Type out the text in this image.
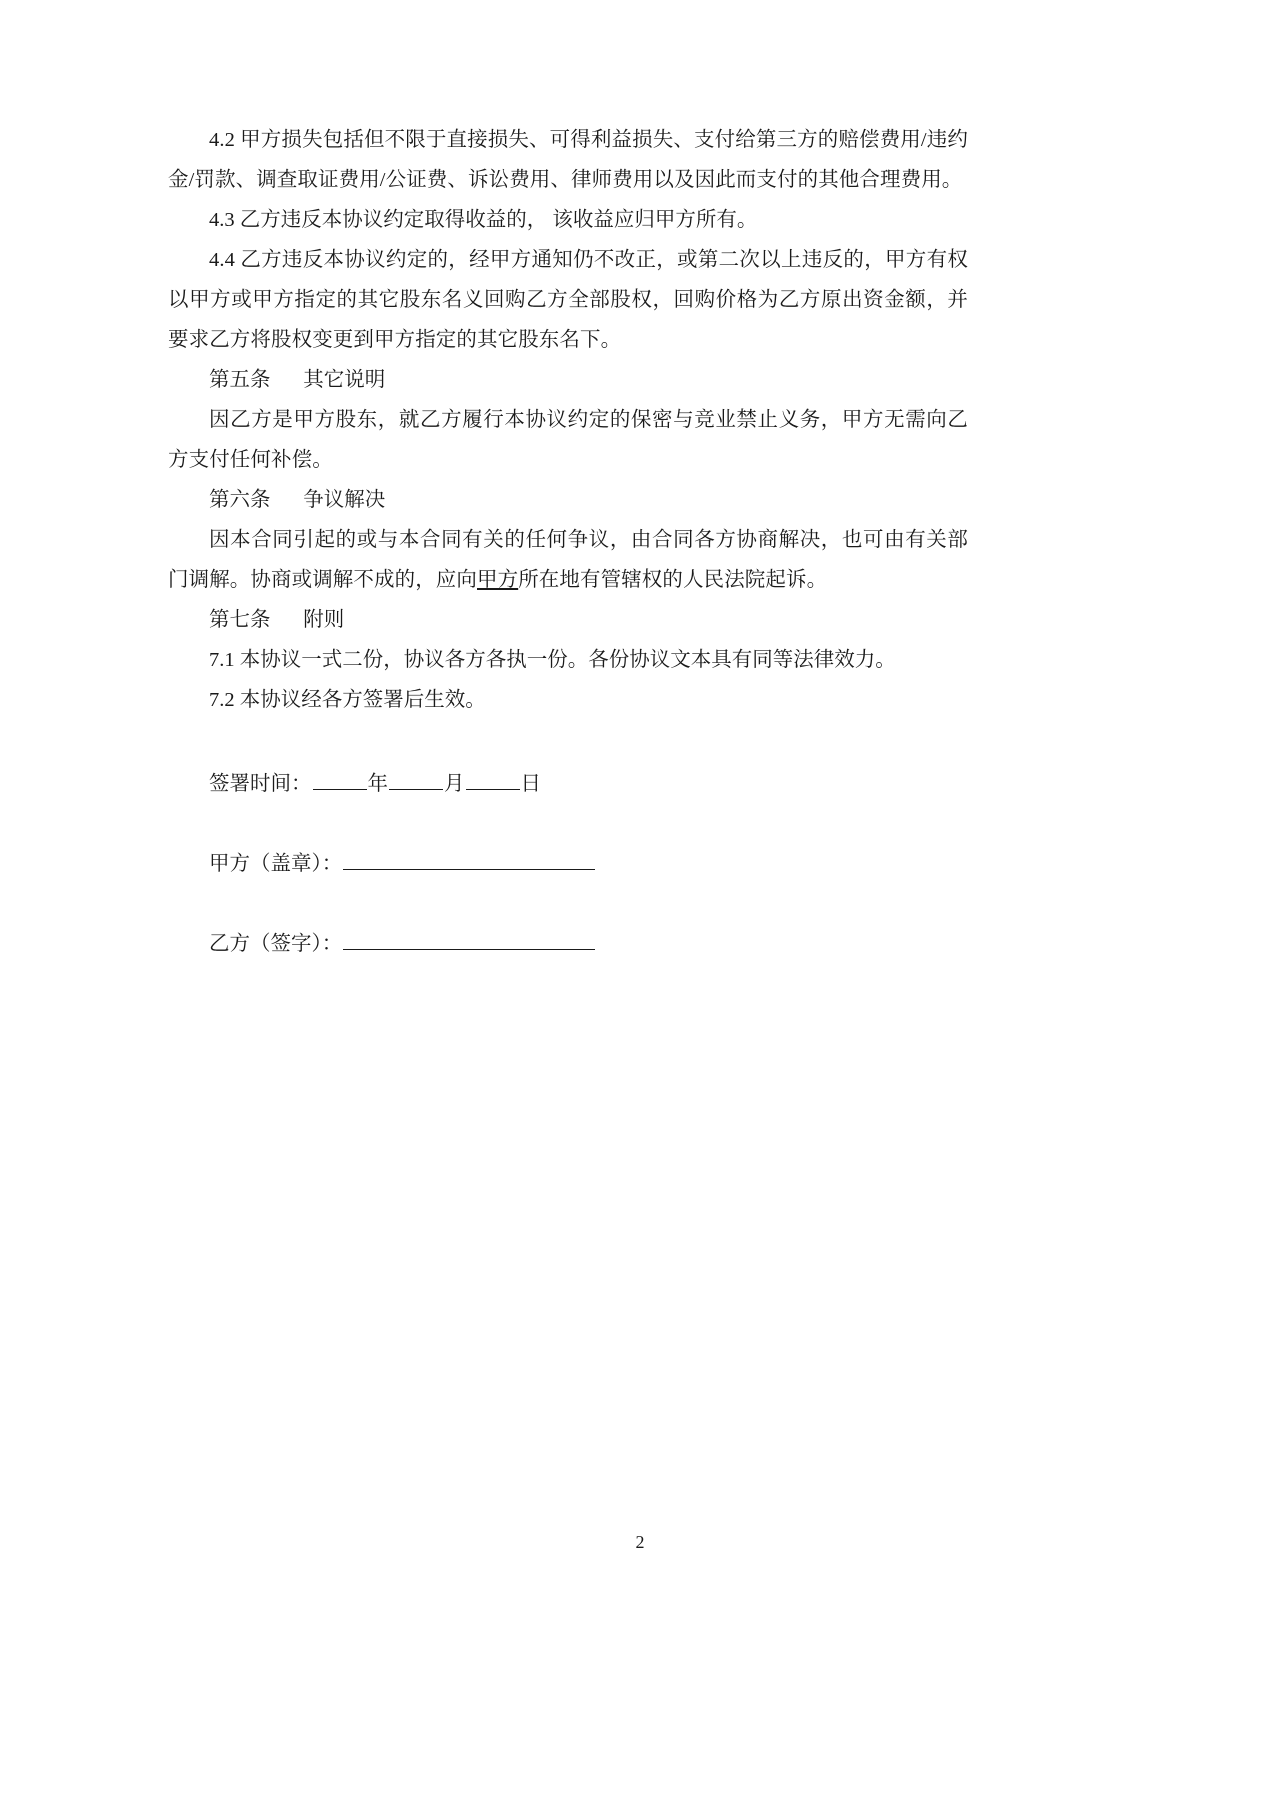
4.2 甲方损失包括但不限于直接损失、可得利益损失、支付给第三方的赔偿费用/违约金/罚款、调查取证费用/公证费、诉讼费用、律师费用以及因此而支付的其他合理费用。

4.3 乙方违反本协议约定取得收益的， 该收益应归甲方所有。

4.4 乙方违反本协议约定的，经甲方通知仍不改正，或第二次以上违反的，甲方有权以甲方或甲方指定的其它股东名义回购乙方全部股权，回购价格为乙方原出资金额，并要求乙方将股权变更到甲方指定的其它股东名下。

第五条 其它说明

因乙方是甲方股东，就乙方履行本协议约定的保密与竞业禁止义务，甲方无需向乙方支付任何补偿。

第六条 争议解决

因本合同引起的或与本合同有关的任何争议，由合同各方协商解决，也可由有关部门调解。协商或调解不成的，应向甲方所在地有管辖权的人民法院起诉。

第七条 附则

7.1 本协议一式二份，协议各方各执一份。各份协议文本具有同等法律效力。

7.2 本协议经各方签署后生效。

签署时间：	年	月	日

甲方（盖章）：

乙方（签字）：

2
